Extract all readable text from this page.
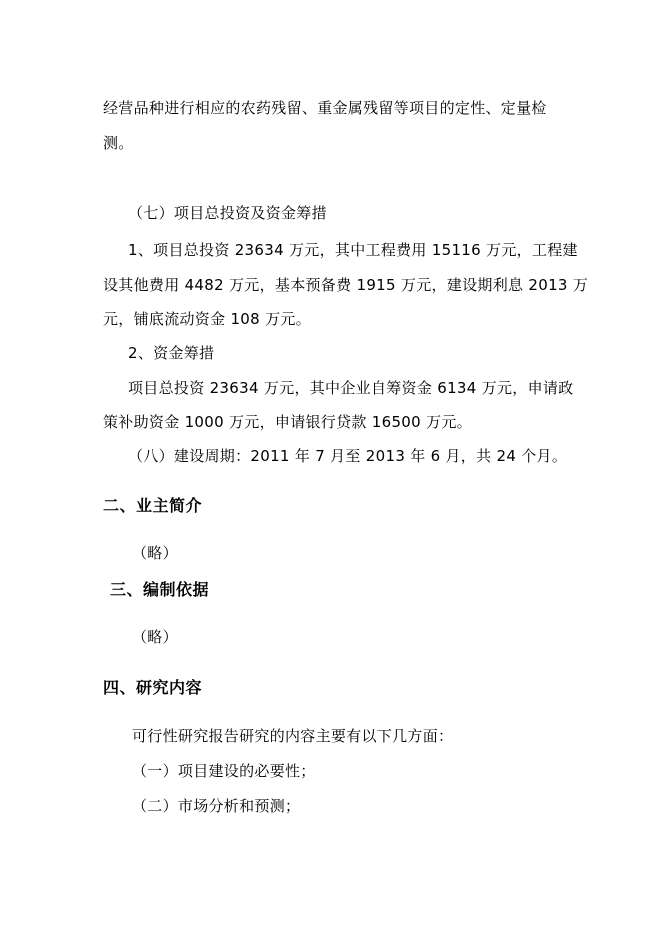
经营品种进行相应的农药残留、重金属残留等项目的定性、定量检
测。
（七）项目总投资及资金筹措
1、项目总投资 23634 万元，其中工程费用 15116 万元，工程建
设其他费用 4482 万元，基本预备费 1915 万元，建设期利息 2013 万
元，铺底流动资金 108 万元。
2、资金筹措
项目总投资 23634 万元，其中企业自筹资金 6134 万元，申请政
策补助资金 1000 万元，申请银行贷款 16500 万元。
（八）建设周期：2011 年 7 月至 2013 年 6 月，共 24 个月。
二、业主简介
（略）
三、编制依据
（略）
四、研究内容
可行性研究报告研究的内容主要有以下几方面：
（一）项目建设的必要性；
（二）市场分析和预测；
